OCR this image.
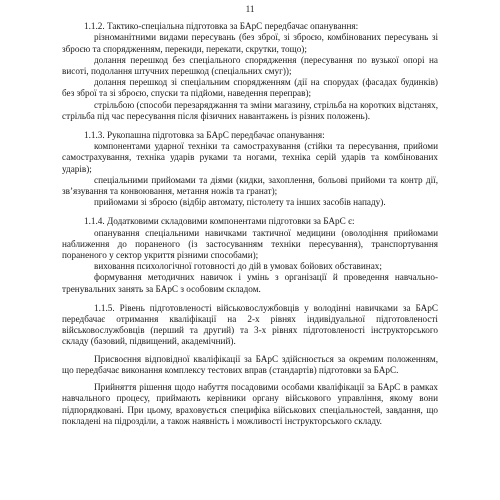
11

1.1.2. Тактико-спеціальна підготовка за БАрС передбачає опанування:

різноманітними видами пересувань (без зброї, зі зброєю, комбінованих пересувань зі зброєю та спорядженням, перекиди, перекати, скрутки, тощо);

долання перешкод без спеціального спорядження (пересування по вузької опорі на висоті, подолання штучних перешкод (спеціальних смуг));

долання перешкод зі спеціальним спорядженням (дії на спорудах (фасадах будинків) без зброї та зі зброєю, спуски та підйоми, наведення переправ);

стрільбою (способи перезаряджання та зміни магазину, стрільба на коротких відстанях, стрільба під час пересування після фізичних навантажень із різних положень).

1.1.3. Рукопашна підготовка за БАрС передбачає опанування:

компонентами ударної техніки та самострахування (стійки та пересування, прийоми самострахування, техніка ударів руками та ногами, техніка серій ударів та комбінованих ударів);

спеціальними прийомами та діями (кидки, захоплення, больові прийоми та контр дії, зв’язування та конвоювання, метання ножів та гранат);

прийомами зі зброєю (відбір автомату, пістолету та інших засобів нападу).

1.1.4. Додатковими складовими компонентами підготовки за БАрС є:

опанування спеціальними навичками тактичної медицини (оволодіння прийомами наближення до пораненого (із застосуванням техніки пересування), транспортування пораненого у сектор укриття різними способами);

виховання психологічної готовності до дій в умовах бойових обставинах;

формування методичних навичок і умінь з організації й проведення навчально-тренувальних занять за БАрС з особовим складом.

1.1.5. Рівень підготовленості військовослужбовців у володінні навичками за БАрС передбачає отримання кваліфікації на 2-х рівнях індивідуальної підготовленості військовослужбовців (перший та другий) та 3-х рівнях підготовленості інструкторського складу (базовий, підвищений, академічний).

Присвоєння відповідної кваліфікації за БАрС здійснюється за окремим положенням, що передбачає виконання комплексу тестових вправ (стандартів) підготовки за БАрС.

Прийняття рішення щодо набуття посадовими особами кваліфікації за БАрС в рамках навчального процесу, приймають керівники органу військового управління, якому вони підпорядковані. При цьому, враховується специфіка військових спеціальностей, завдання, що покладені на підрозділи, а також наявність і можливості інструкторського складу.
